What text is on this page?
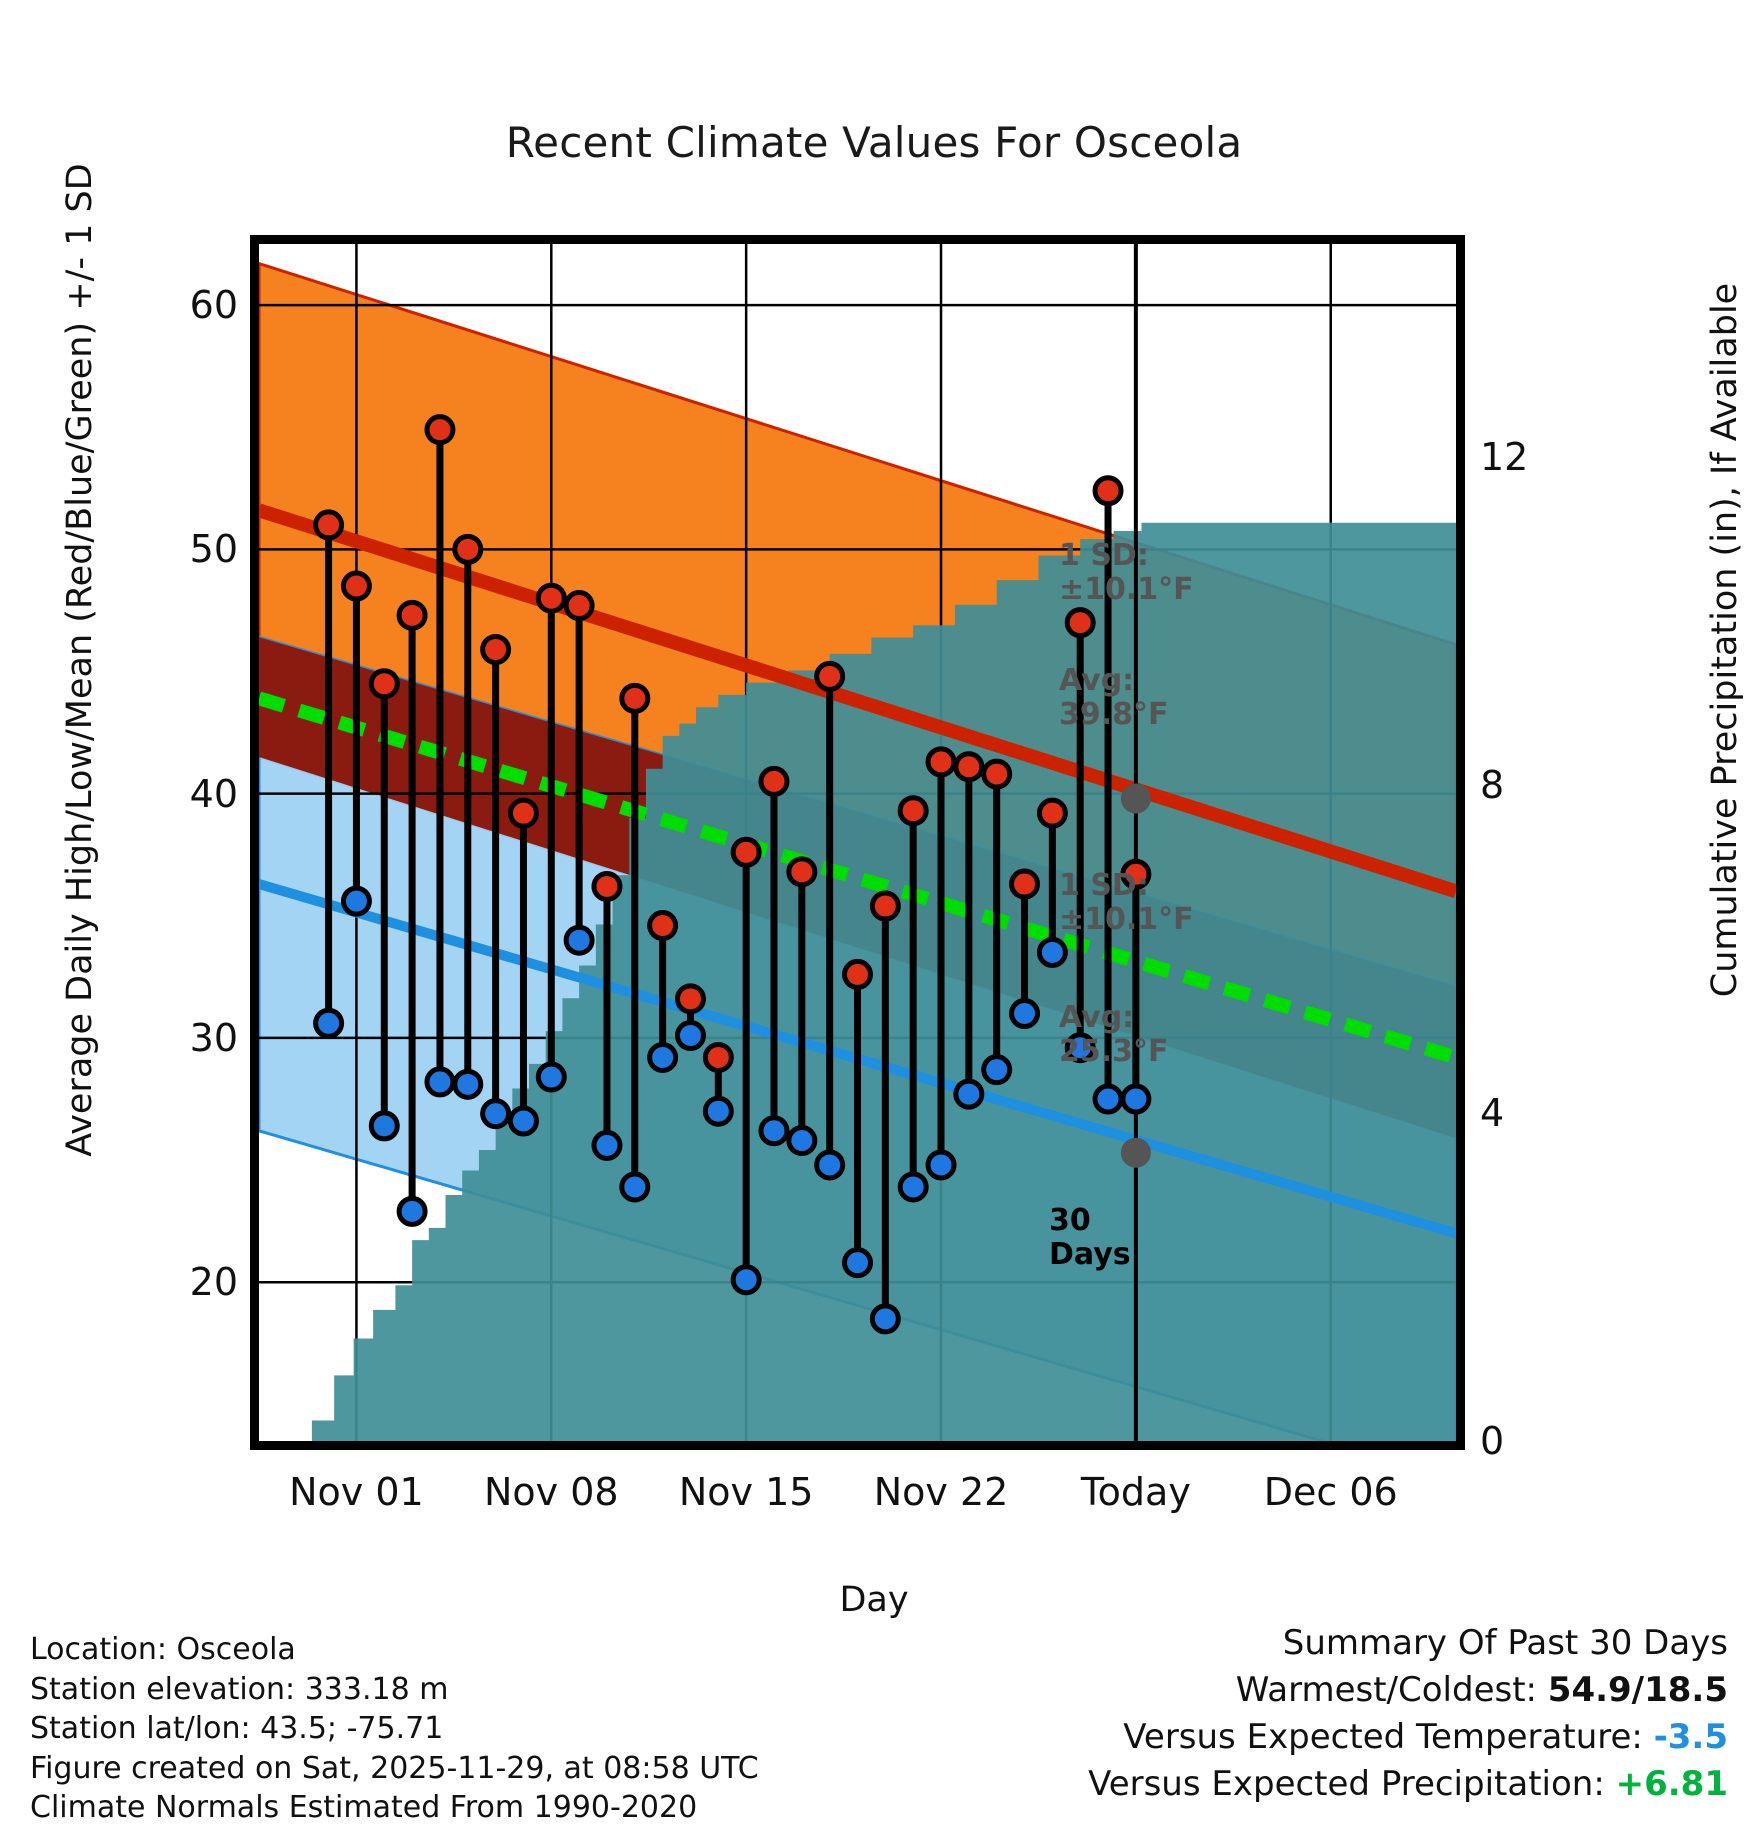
Recent Climate Values For Osceola
Average Daily High/Low/Mean (Red/Blue/Green) +/- 1 SD	Cumulative Precipitation (in), If Available
Day
20
30
40
50
60
0
4
8
12
Nov 01 Nov 08 Nov 15 Nov 22 Today Dec 06
1 SD:
±10.1°F
Avg:
39.8°F
1 SD:
±10.1°F
Avg:
25.3°F
30
Days
Location: Osceola
Station elevation: 333.18 m
Station lat/lon: 43.5; -75.71
Figure created on Sat, 2025-11-29, at 08:58 UTC
Climate Normals Estimated From 1990-2020
Summary Of Past 30 Days
Warmest/Coldest: 54.9/18.5
Versus Expected Temperature: -3.5
Versus Expected Precipitation: +6.81
